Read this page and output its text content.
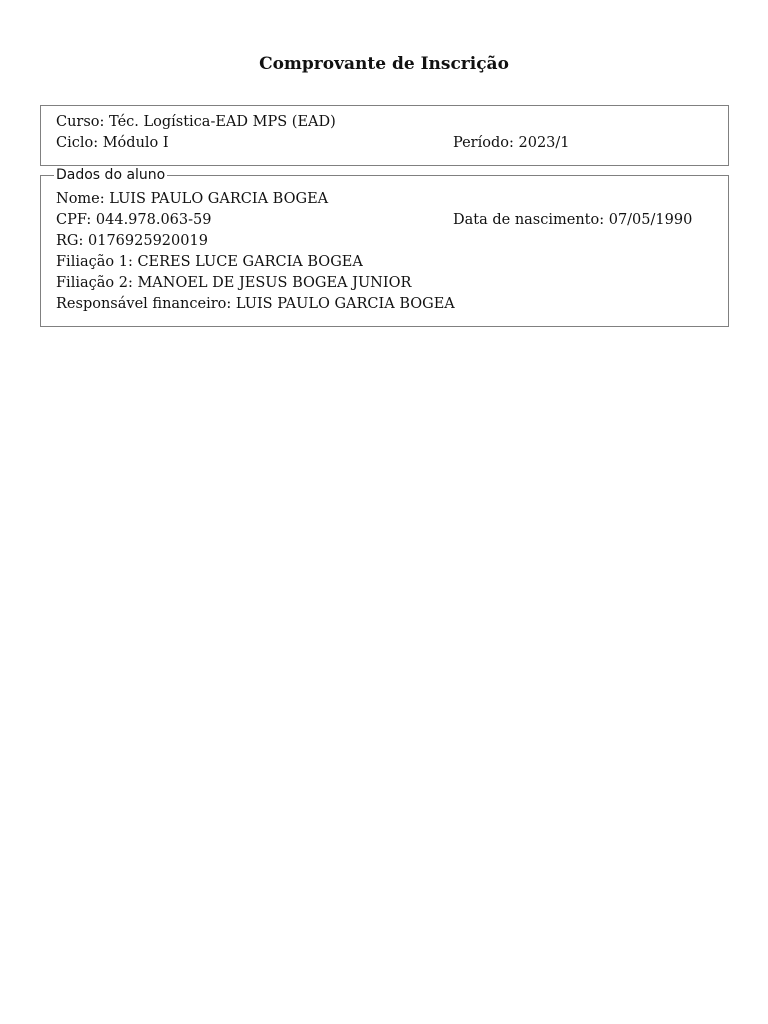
Comprovante de Inscrição
Curso: Téc. Logística-EAD MPS (EAD)
Ciclo: Módulo I	Período: 2023/1
Dados do aluno
Nome: LUIS PAULO GARCIA BOGEA
CPF: 044.978.063-59	Data de nascimento: 07/05/1990
RG: 0176925920019
Filiação 1: CERES LUCE GARCIA BOGEA
Filiação 2: MANOEL DE JESUS BOGEA JUNIOR
Responsável financeiro: LUIS PAULO GARCIA BOGEA
